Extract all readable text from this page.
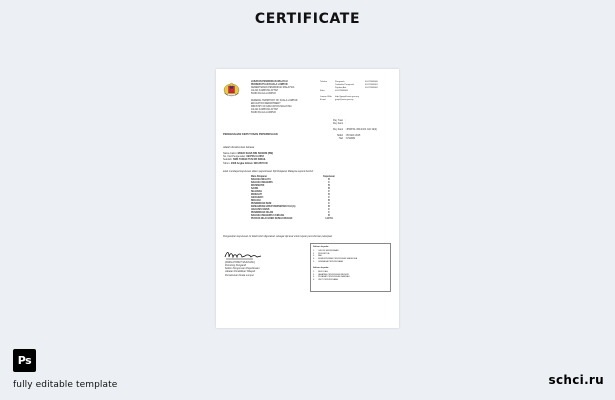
CERTIFICATE
JABATAN PENDIDIKAN WILAYAH
PERSEKUTUAN KUALA LUMPUR
KEMENTERIAN PENDIDIKAN MALAYSIA
JALAN KAMPUNG ATTAP
50460 KUALA LUMPUR
FEDERAL TERRITORY OF KUALA LUMPUR
EDUCATION DEPARTMENT
MINISTRY OF EDUCATION MALAYSIA
JALAN KAMPUNG ATTAP
50460 KUALA LUMPUR
Telefon	Pengarah	03-22965800
Timbalan Pengarah	03-22965801
Pejabat Am	03-22965802
Faks	03-22965803
Laman Web	http://jpwpkl.moe.gov.my
E-mel	jpwp@moe.gov.my
Ruj. Tuan :
Ruj. Kami :
Ruj. Kami : JPWP.KL.600-4/2/4 JLD 19(2)
Tarikh : 05 MAC 2015
Hari : KHAMIS
PENGESAHAN KEPUTUSAN PEPERIKSAAN
Adalah dimaklumkan bahawa
Nama Calon: MOHD SHAB BIN SOWAM (BM)
No. Kad Pengenalan: 990708-11-6653
Sekolah: SMK TAMAN TUN DR ISMAIL
Tahun: 2008 Angka Giliran: DD1456YUD
telah mendapat keputusan dalam peperiksaan Sijil Pelajaran Malaysia seperti berikut :
Mata Pelajaran	Keputusan
BAHASA MELAYU	B
BAHASA INGGERIS	C
MATEMATIK	B
SAINS	B
SEJARAH	C
MORALITI	D
GEOGRAFI	C
BIOLOGI	B
PENDIDIKAN SENI	C
KEMAHIRAN HIDUP BERSEPADU KH (A)	B
ANALISIS SAINS	C
PENDIDIKAN ISLAM	C
BAHASA INGGERIS 6 KIRAAN	B
PURATA NILAI GRED KESELURUHAN	1.97/11
Pengesahan keputusan ini tidak boleh digunakan sebagai sijil asal untuk tujuan permohonan pekerjaan.
(PAZILAH BINTI ZULKAFLI)
Penolong Pengarah
Sektor Pengurusan Peperiksaan
Jabatan Pendidikan Wilayah
Persekutuan Kuala Lumpur
Salinan kepada:
1.	CALON BERKENAAN
2.	PENGETUA
3.	FAIL
4.	KEMENTERIAN PENDIDIKAN MALAYSIA
5.	LEMBAGA PEPERIKSAAN
Salinan kepada:
1.	SEKOLAH
2.	JABATAN PENDIDIKAN NEGERI
3.	PEJABAT PENDIDIKAN DAERAH
4.	UNIT PEPERIKSAAN
Ps
fully editable template	schci.ru
